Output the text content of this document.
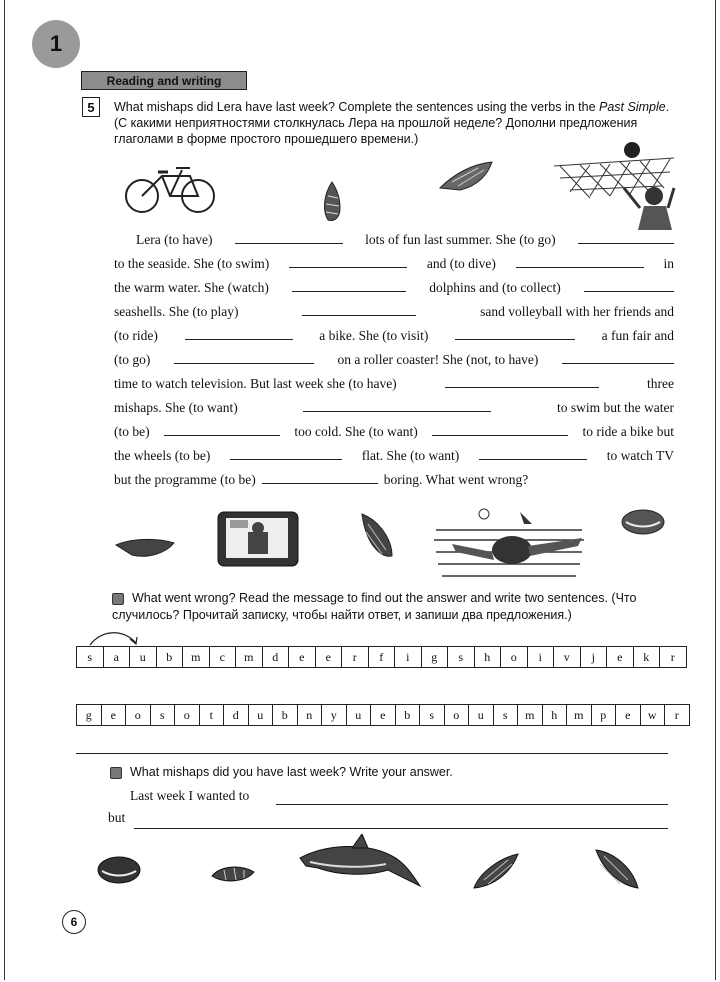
1
Reading and writing
5	What mishaps did Lera have last week? Complete the sentences using the verbs in the Past Simple. (С какими неприятностями столкнулась Лера на прошлой неделе? Дополни предложения глаголами в форме простого прошедшего времени.)
Lera (to have)	lots of fun last summer. She (to go)
to the seaside. She (to swim)	and (to dive)	in
the warm water. She (watch)	dolphins and (to collect)
seashells. She (to play)	sand volleyball with her friends and
(to ride)	a bike. She (to visit)	a fun fair and
(to go)	on a roller coaster! She (not, to have)
time to watch television. But last week she (to have)	three
mishaps. She (to want)	to swim but the water
(to be)	too cold. She (to want)	to ride a bike but
the wheels (to be)	flat. She (to want)	to watch TV
but the programme (to be)	boring. What went wrong?
What went wrong? Read the message to find out the answer and write two sentences. (Что случилось? Прочитай записку, чтобы найти ответ, и запиши два предложения.)
s	a	u	b	m	c	m	d	e	e	r	f	i	g	s	h	o	i	v	j	e	k	r
g	e	o	s	o	t	d	u	b	n	y	u	e	b	s	o	u	s	m	h	m	p	e	w	r
What mishaps did you have last week? Write your answer.
Last week I wanted to
but
6
